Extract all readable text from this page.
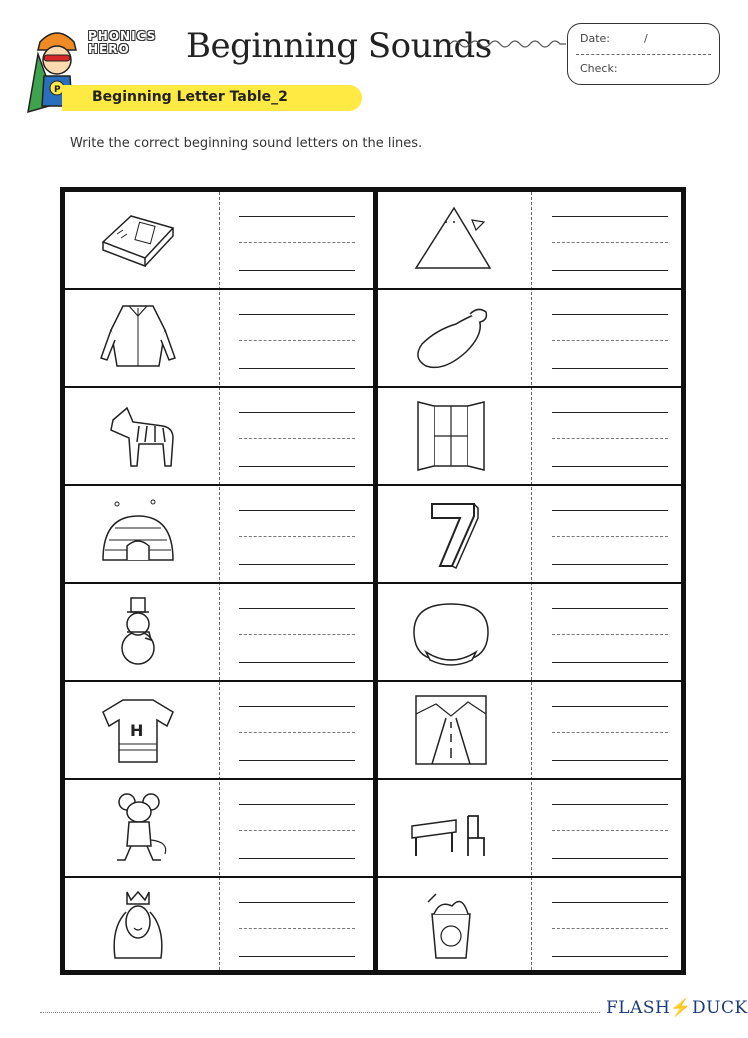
P
PHONICS
HERO	Beginning Sounds	Date:	/
Check:
Beginning Letter Table_2
Write the correct beginning sound letters on the lines.
H
FLASH⚡DUCK
